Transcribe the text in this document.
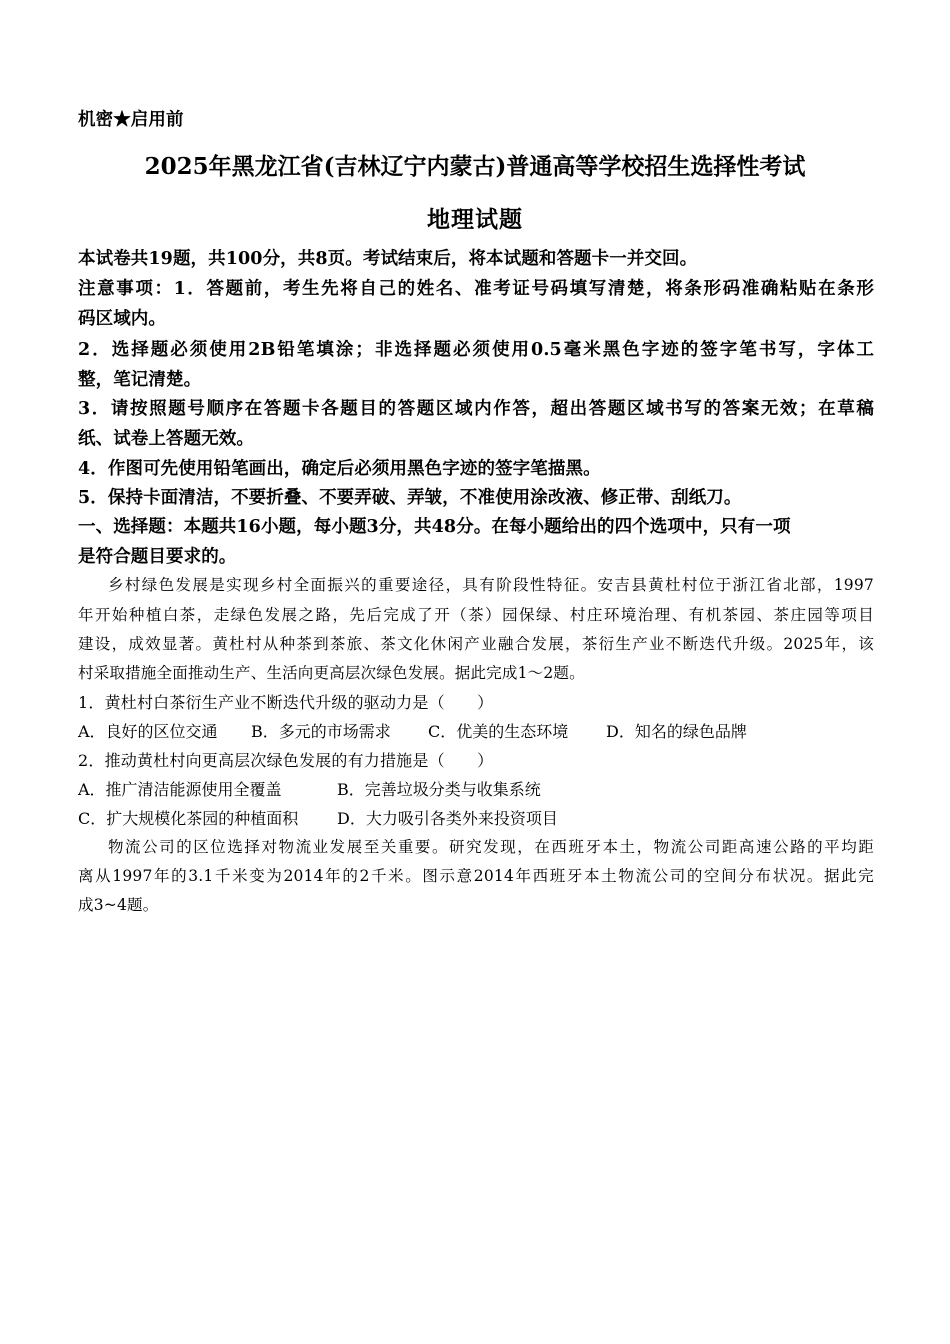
机密★启用前
2025年黑龙江省(吉林辽宁内蒙古)普通高等学校招生选择性考试
地理试题
本试卷共19题，共100分，共8页。考试结束后，将本试题和答题卡一并交回。
注意事项：1．答题前，考生先将自己的姓名、准考证号码填写清楚，将条形码准确粘贴在条形
码区域内。
2．选择题必须使用2B铅笔填涂；非选择题必须使用0.5毫米黑色字迹的签字笔书写，字体工
整，笔记清楚。
3．请按照题号顺序在答题卡各题目的答题区域内作答，超出答题区域书写的答案无效；在草稿
纸、试卷上答题无效。
4．作图可先使用铅笔画出，确定后必须用黑色字迹的签字笔描黑。
5．保持卡面清洁，不要折叠、不要弄破、弄皱，不准使用涂改液、修正带、刮纸刀。
一、选择题：本题共16小题，每小题3分，共48分。在每小题给出的四个选项中，只有一项
是符合题目要求的。
乡村绿色发展是实现乡村全面振兴的重要途径，具有阶段性特征。安吉县黄杜村位于浙江省北部，1997
年开始种植白茶，走绿色发展之路，先后完成了开（茶）园保绿、村庄环境治理、有机茶园、茶庄园等项目
建设，成效显著。黄杜村从种茶到茶旅、茶文化休闲产业融合发展，茶衍生产业不断迭代升级。2025年，该
村采取措施全面推动生产、生活向更高层次绿色发展。据此完成1～2题。
1．黄杜村白茶衍生产业不断迭代升级的驱动力是（　　）
A．良好的区位交通 B．多元的市场需求 C．优美的生态环境 D．知名的绿色品牌
2．推动黄杜村向更高层次绿色发展的有力措施是（　　）
A．推广清洁能源使用全覆盖	B．完善垃圾分类与收集系统
C．扩大规模化茶园的种植面积 D．大力吸引各类外来投资项目
物流公司的区位选择对物流业发展至关重要。研究发现，在西班牙本土，物流公司距高速公路的平均距
离从1997年的3.1千米变为2014年的2千米。图示意2014年西班牙本土物流公司的空间分布状况。据此完
成3~4题。
